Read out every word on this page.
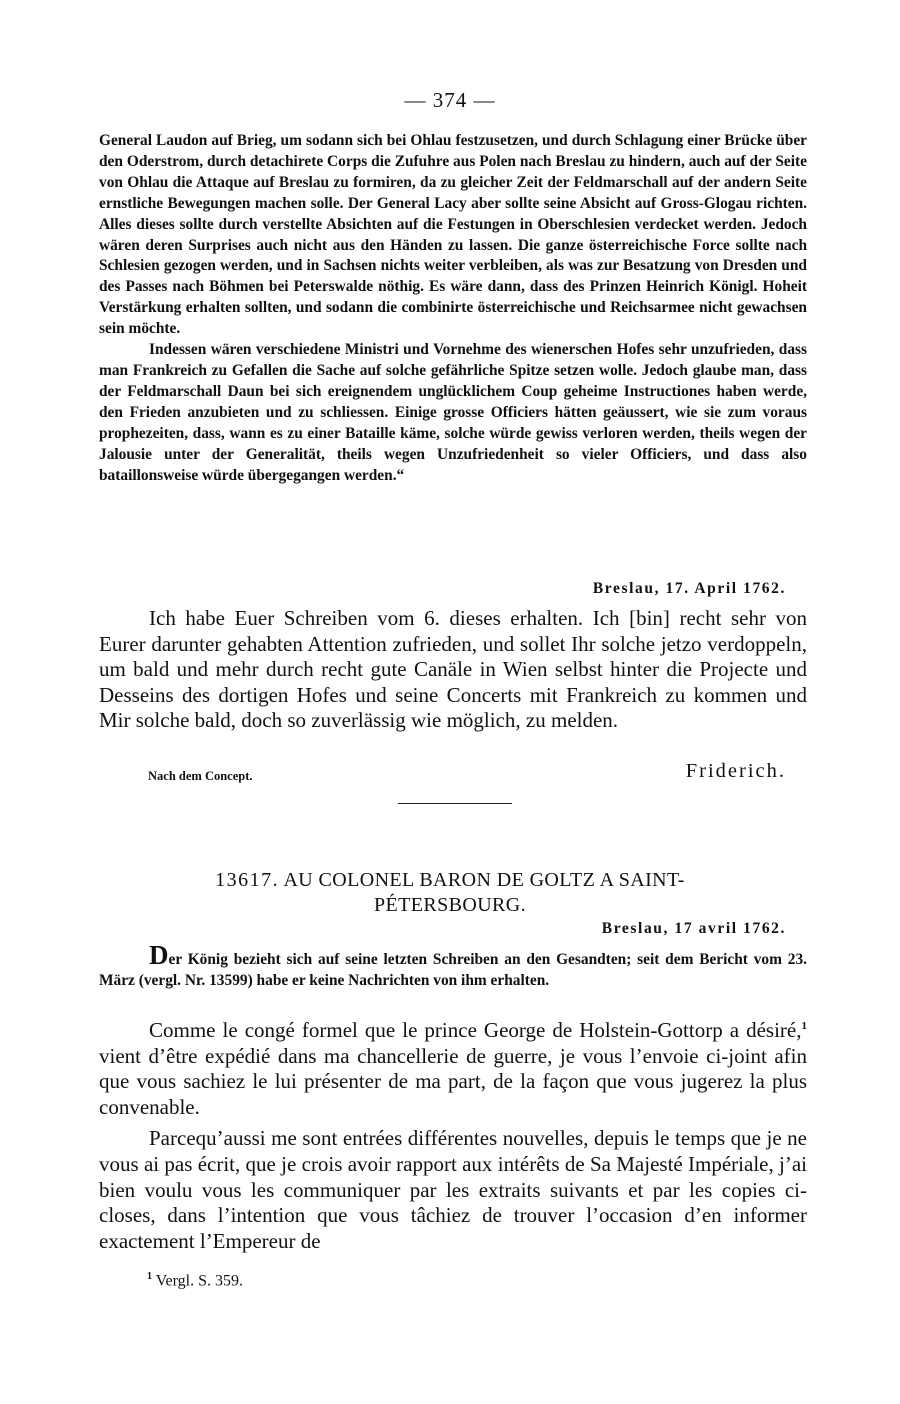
— 374 —

General Laudon auf Brieg, um sodann sich bei Ohlau festzusetzen, und durch Schlagung einer Brücke über den Oderstrom, durch detachirete Corps die Zufuhre aus Polen nach Breslau zu hindern, auch auf der Seite von Ohlau die Attaque auf Breslau zu formiren, da zu gleicher Zeit der Feldmarschall auf der andern Seite ernstliche Bewegungen machen solle. Der General Lacy aber sollte seine Absicht auf Gross-Glogau richten. Alles dieses sollte durch verstellte Absichten auf die Festungen in Oberschlesien verdecket werden. Jedoch wären deren Surprises auch nicht aus den Händen zu lassen. Die ganze österreichische Force sollte nach Schlesien gezogen werden, und in Sachsen nichts weiter verbleiben, als was zur Besatzung von Dresden und des Passes nach Böhmen bei Peterswalde nöthig. Es wäre dann, dass des Prinzen Heinrich Königl. Hoheit Verstärkung erhalten sollten, und sodann die combinirte österreichische und Reichsarmee nicht gewachsen sein möchte.

Indessen wären verschiedene Ministri und Vornehme des wienerschen Hofes sehr unzufrieden, dass man Frankreich zu Gefallen die Sache auf solche gefährliche Spitze setzen wolle. Jedoch glaube man, dass der Feldmarschall Daun bei sich ereignendem unglücklichem Coup geheime Instructiones haben werde, den Frieden anzubieten und zu schliessen. Einige grosse Officiers hätten geäussert, wie sie zum voraus prophezeiten, dass, wann es zu einer Bataille käme, solche würde gewiss verloren werden, theils wegen der Jalousie unter der Generalität, theils wegen Unzufriedenheit so vieler Officiers, und dass also bataillonsweise würde übergegangen werden.“

Breslau, 17. April 1762.

Ich habe Euer Schreiben vom 6. dieses erhalten. Ich [bin] recht sehr von Eurer darunter gehabten Attention zufrieden, und sollet Ihr solche jetzo verdoppeln, um bald und mehr durch recht gute Canäle in Wien selbst hinter die Projecte und Desseins des dortigen Hofes und seine Concerts mit Frankreich zu kommen und Mir solche bald, doch so zuverlässig wie möglich, zu melden.

Nach dem Concept.	Friderich.
13617. AU COLONEL BARON DE GOLTZ A SAINT-
PÉTERSBOURG.
Breslau, 17 avril 1762.

Der König bezieht sich auf seine letzten Schreiben an den Gesandten; seit dem Bericht vom 23. März (vergl. Nr. 13599) habe er keine Nachrichten von ihm erhalten.

Comme le congé formel que le prince George de Holstein-Gottorp a désiré,$^1$ vient d’être expédié dans ma chancellerie de guerre, je vous l’envoie ci-joint afin que vous sachiez le lui présenter de ma part, de la façon que vous jugerez la plus convenable.

Parcequ’aussi me sont entrées différentes nouvelles, depuis le temps que je ne vous ai pas écrit, que je crois avoir rapport aux intérêts de Sa Majesté Impériale, j’ai bien voulu vous les communiquer par les extraits suivants et par les copies ci-closes, dans l’intention que vous tâchiez de trouver l’occasion d’en informer exactement l’Empereur de

$^1$ Vergl. S. 359.
